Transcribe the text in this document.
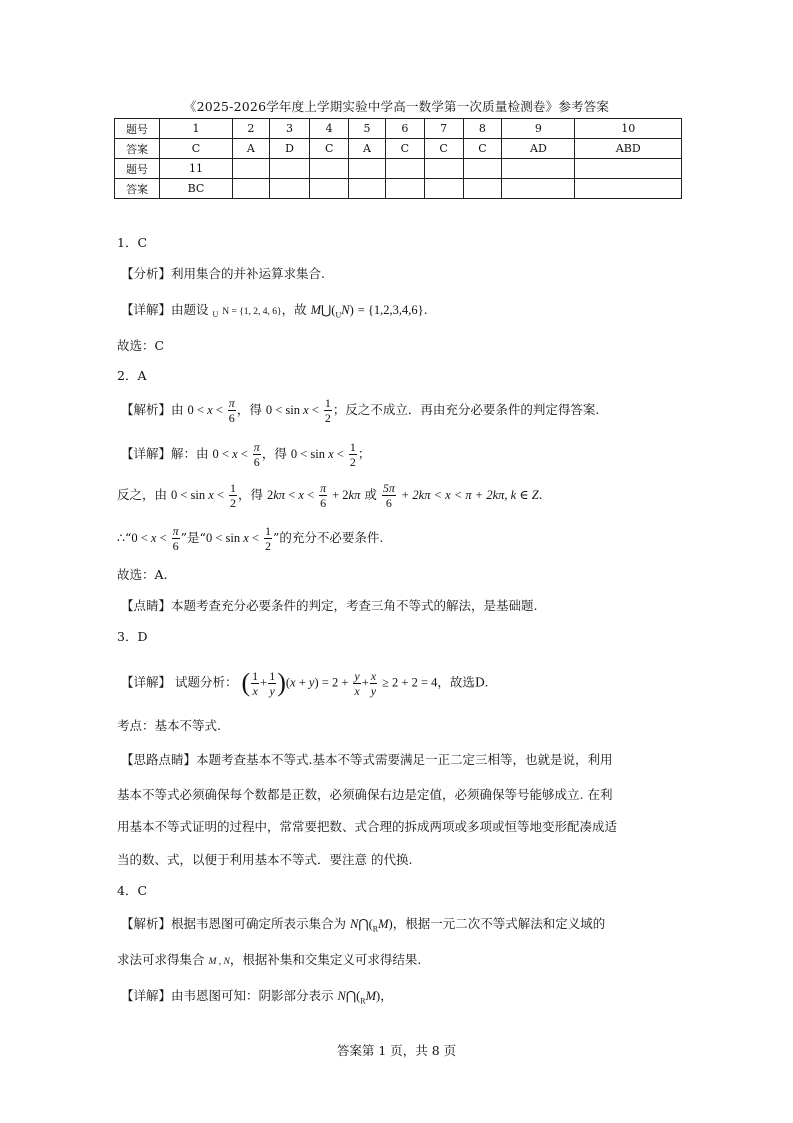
《2025-2026学年度上学期实验中学高一数学第一次质量检测卷》参考答案
题号	1	2	3	4	5	6	7	8	9	10
答案	C	A	D	C	A	C	C	C	AD	ABD
题号	11									
答案	BC									
1．C
【分析】利用集合的并补运算求集合.
【详解】由题设 $_U$ N = {1, 2, 4, 6}，故 $M⋃(_UN) = \{1,2,3,4,6\}$.
故选：C
2．A
【解析】由 $0 < x < \frac{\pi}{6}$ ，得 $0 < \sin x < \frac{1}{2}$ ；反之不成立．再由充分必要条件的判定得答案.
【详解】解：由 $0 < x < \frac{\pi}{6}$ ，得 $0 < \sin x < \frac{1}{2}$ ；
反之，由 $0 < \sin x < \frac{1}{2}$ ，得 $2k\pi < x < \frac{\pi}{6} + 2k\pi$ 或 $\frac{5\pi}{6} + 2k\pi < x < \pi + 2k\pi$, k ∈ Z.
∴“0 < $x < \frac{\pi}{6}$ ”是“$0 < \sin x < \frac{1}{2}$ ”的充分不必要条件.
故选：A.
【点睛】本题考查充分必要条件的判定，考查三角不等式的解法，是基础题.
3．D
【详解】 试题分析： ( $\frac{1}{x} + \frac{1}{y} )(x + y) = 2 + \frac{y}{x} + \frac{x}{y} \ge 2 + 2 = 4$，故选D.
考点：基本不等式.
【思路点睛】本题考查基本不等式.基本不等式需要满足一正二定三相等，也就是说，利用
基本不等式必须确保每个数都是正数，必须确保右边是定值，必须确保等号能够成立. 在利
用基本不等式证明的过程中，常常要把数、式合理的拆成两项或多项或恒等地变形配凑成适
当的数、式，以便于利用基本不等式．要注意 的代换.
4．C
【解析】根据韦恩图可确定所表示集合为 $N⋂(_RM)$，根据一元二次不等式解法和定义域的
求法可求得集合 M , N，根据补集和交集定义可求得结果.
【详解】由韦恩图可知：阴影部分表示 $N⋂(_RM)$，
答案第 1 页，共 8 页
